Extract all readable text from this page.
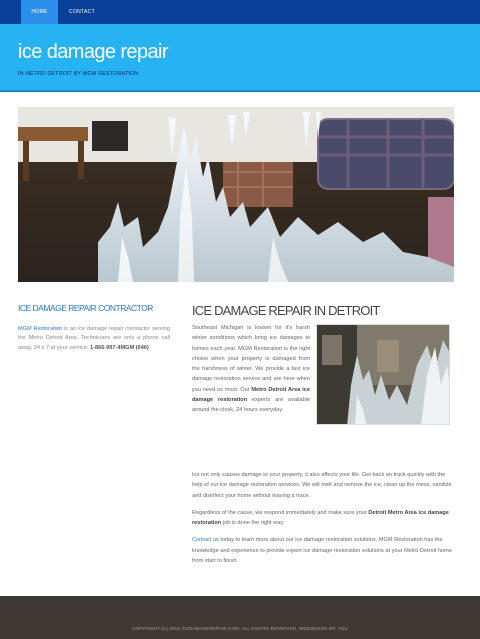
HOME	CONTACT
ice damage repair
IN METRO DETROIT BY MGM RESTORATION
ICE DAMAGE REPAIR CONTRACTOR

MGM Restoration is an ice damage repair contractor serving the Metro Detroit Area. Technicians are only a phone call away, 24 x 7 at your service: 1-866-997-4MGM (646)

ICE DAMAGE REPAIR IN DETROIT

Southeast Michigan is known for it's harsh winter conditions which bring ice damages to homes each year. MGM Restoration is the right choice when your property is damaged from the harshness of winter. We provide a fast ice damage restoration service and are here when you need us most. Our Metro Detroit Area ice damage restoration experts are available around the clock, 24 hours everyday.

Ice not only causes damage to your property, it also affects your life. Get back on track quickly with the help of our ice damage restoration services. We will melt and remove the ice, clean up the mess, sanitize and disinfect your home without leaving a trace.

Regardless of the cause, we respond immediately and make sure your Detroit Metro Area ice damage restoration job is done the right way.

Contact us today to learn more about our ice damage restoration solutions. MGM Restoration has the knowledge and experience to provide expert ice damage restoration solutions at your Metro Detroit home from start to finish.

COPYRIGHT (C) 2015 ICEDAMAGEREPAIR.COM. ALL RIGHTS RESERVED. WEBDESIGN BY: YOU
